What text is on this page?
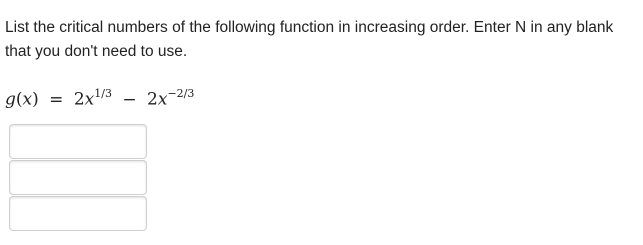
List the critical numbers of the following function in increasing order. Enter N in any blank that you don't need to use.

$g(x) = 2x^{1/3} - 2x^{-2/3}$
